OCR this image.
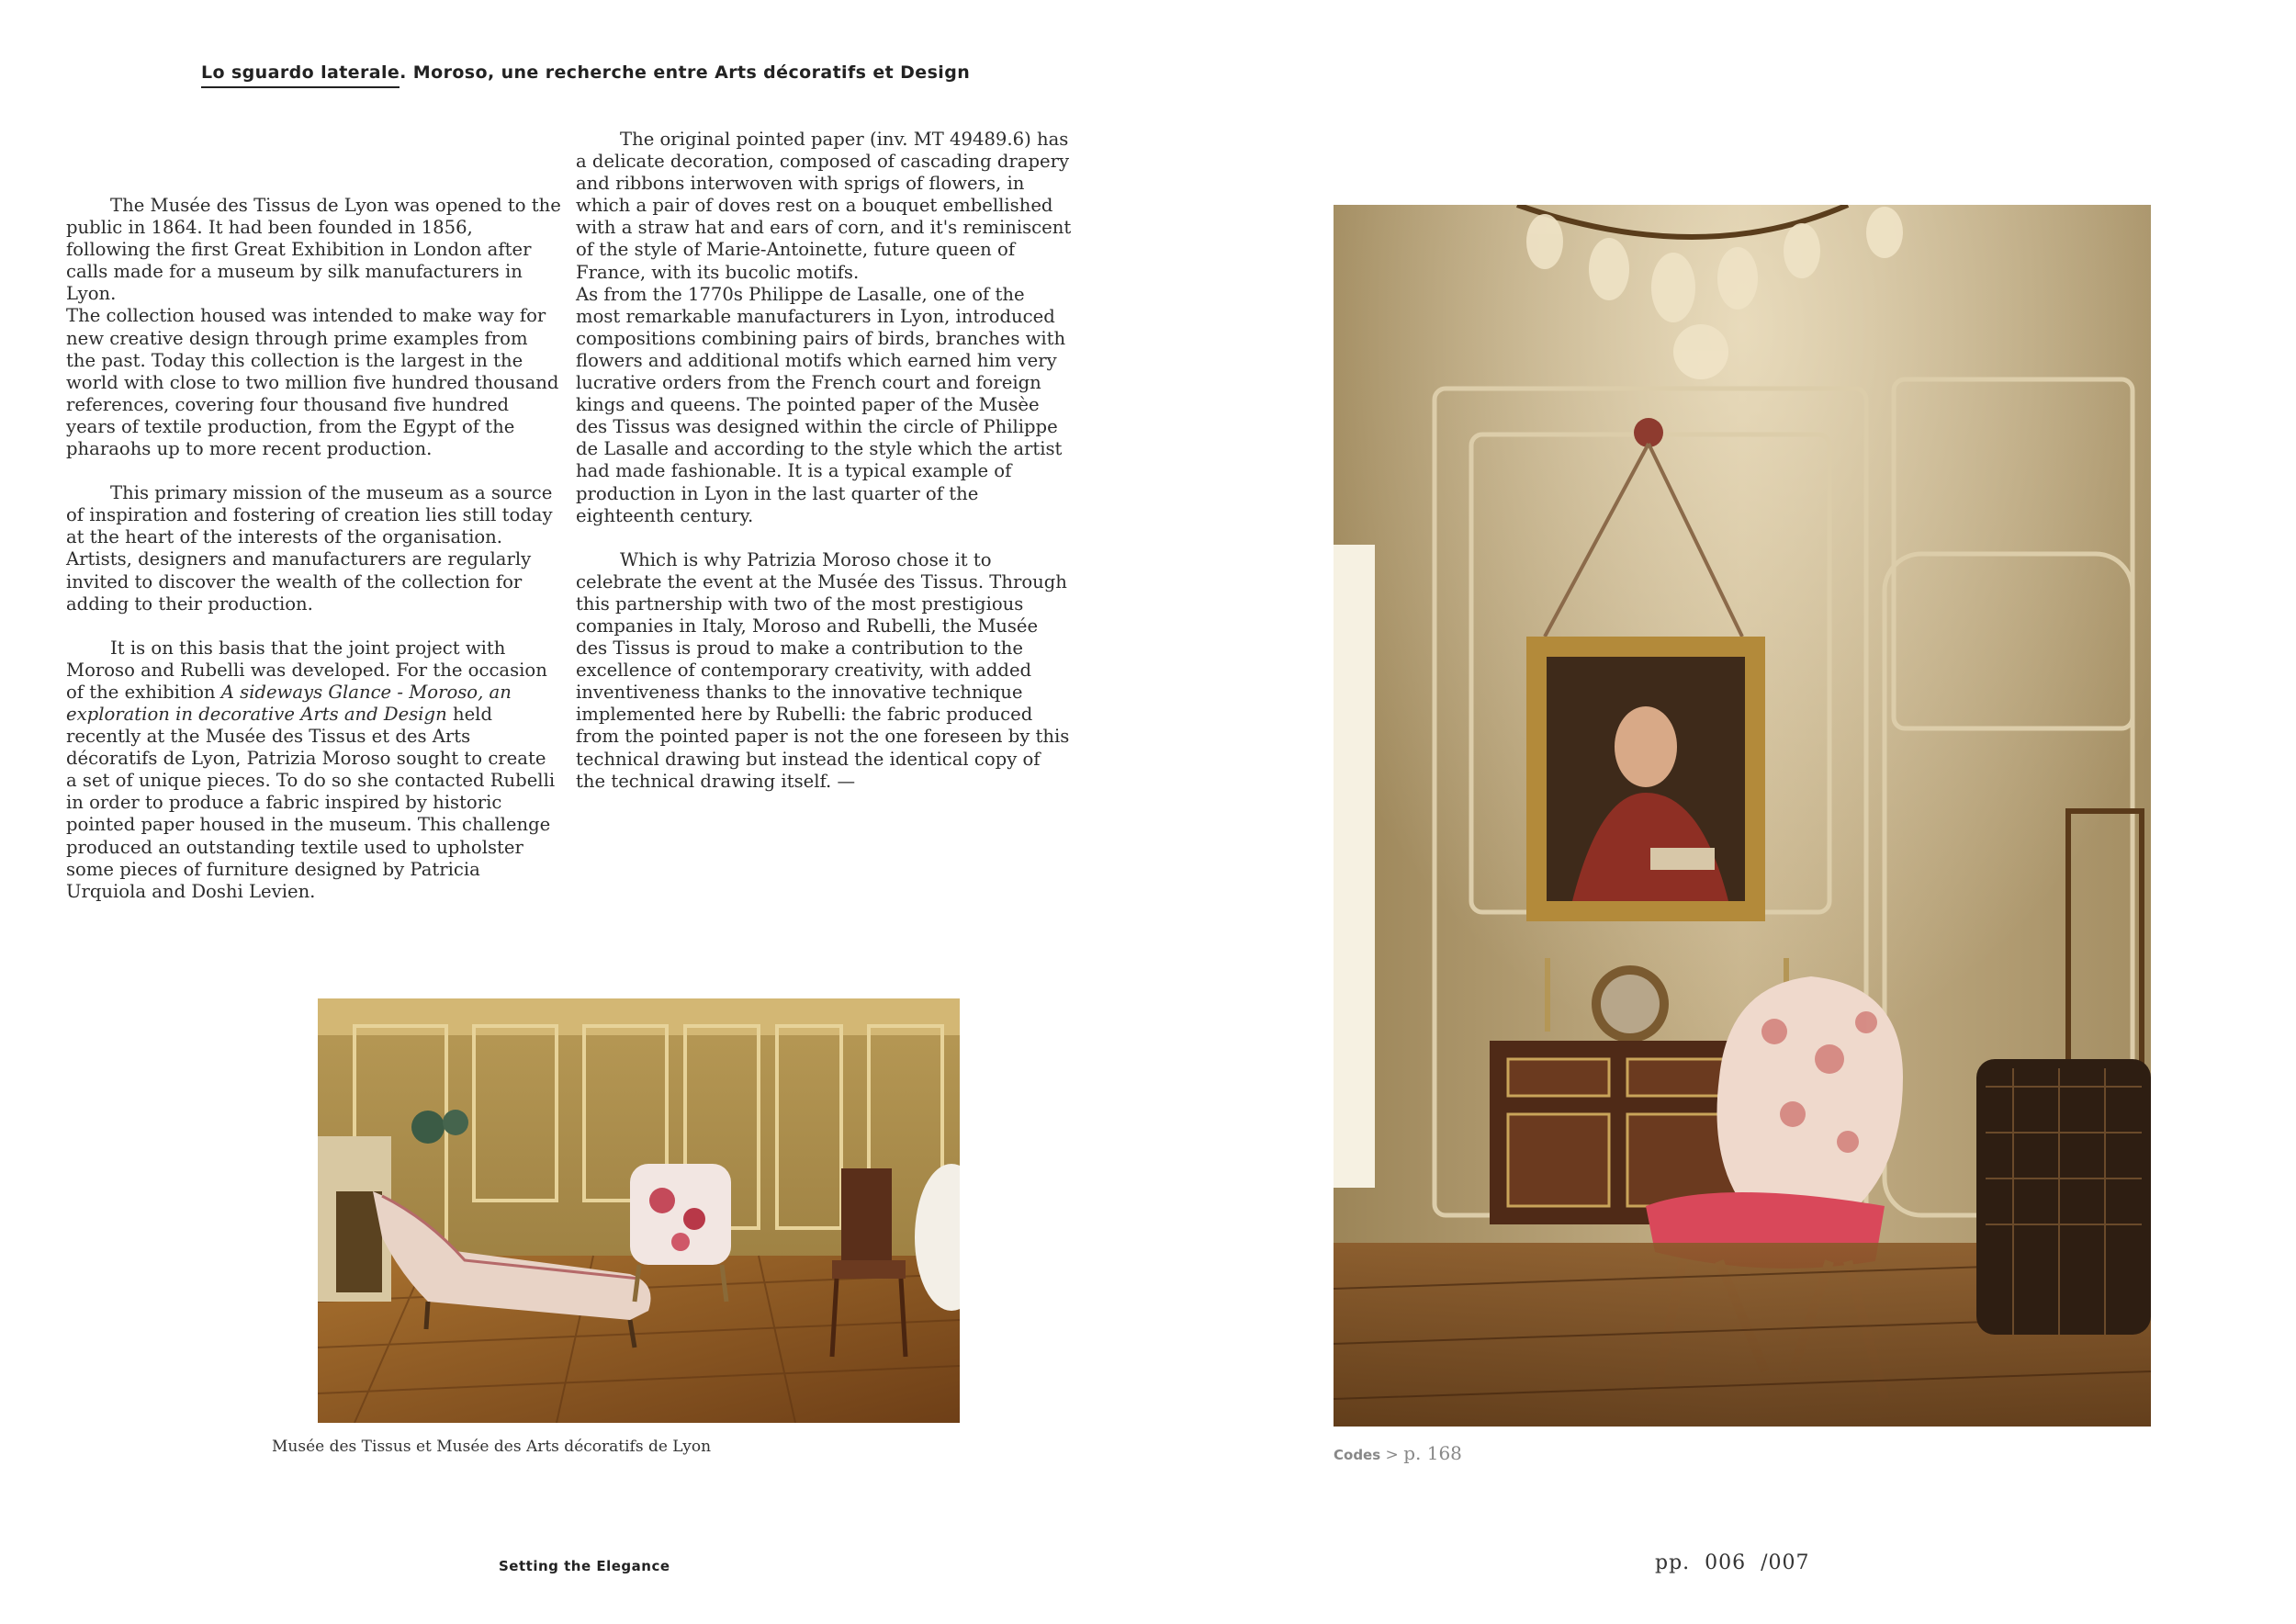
Lo sguardo laterale. Moroso, une recherche entre Arts décoratifs et Design

The Musée des Tissus de Lyon was opened to the public in 1864. It had been founded in 1856, following the first Great Exhibition in London after calls made for a museum by silk manufacturers in Lyon.
The collection housed was intended to make way for new creative design through prime examples from the past. Today this collection is the largest in the world with close to two million five hundred thousand references, covering four thousand five hundred years of textile production, from the Egypt of the pharaohs up to more recent production.

This primary mission of the museum as a source of inspiration and fostering of creation lies still today at the heart of the interests of the organisation. Artists, designers and manufacturers are regularly invited to discover the wealth of the collection for adding to their production.

It is on this basis that the joint project with Moroso and Rubelli was developed. For the occasion of the exhibition A sideways Glance - Moroso, an exploration in decorative Arts and Design held recently at the Musée des Tissus et des Arts décoratifs de Lyon, Patrizia Moroso sought to create a set of unique pieces. To do so she contacted Rubelli in order to produce a fabric inspired by historic pointed paper housed in the museum. This challenge produced an outstanding textile used to upholster some pieces of furniture designed by Patricia Urquiola and Doshi Levien.

The original pointed paper (inv. MT 49489.6) has a delicate decoration, composed of cascading drapery and ribbons interwoven with sprigs of flowers, in which a pair of doves rest on a bouquet embellished with a straw hat and ears of corn, and it's reminiscent of the style of Marie-Antoinette, future queen of France, with its bucolic motifs.
As from the 1770s Philippe de Lasalle, one of the most remarkable manufacturers in Lyon, introduced compositions combining pairs of birds, branches with flowers and additional motifs which earned him very lucrative orders from the French court and foreign kings and queens. The pointed paper of the Musèe des Tissus was designed within the circle of Philippe de Lasalle and according to the style which the artist had made fashionable. It is a typical example of production in Lyon in the last quarter of the eighteenth century.

Which is why Patrizia Moroso chose it to celebrate the event at the Musée des Tissus. Through this partnership with two of the most prestigious companies in Italy, Moroso and Rubelli, the Musée des Tissus is proud to make a contribution to the excellence of contemporary creativity, with added inventiveness thanks to the innovative technique implemented here by Rubelli: the fabric produced from the pointed paper is not the one foreseen by this technical drawing but instead the identical copy of the technical drawing itself. —

Musée des Tissus et Musée des Arts décoratifs de Lyon	Codes > p. 168
Setting the Elegance	pp. 006 /007
